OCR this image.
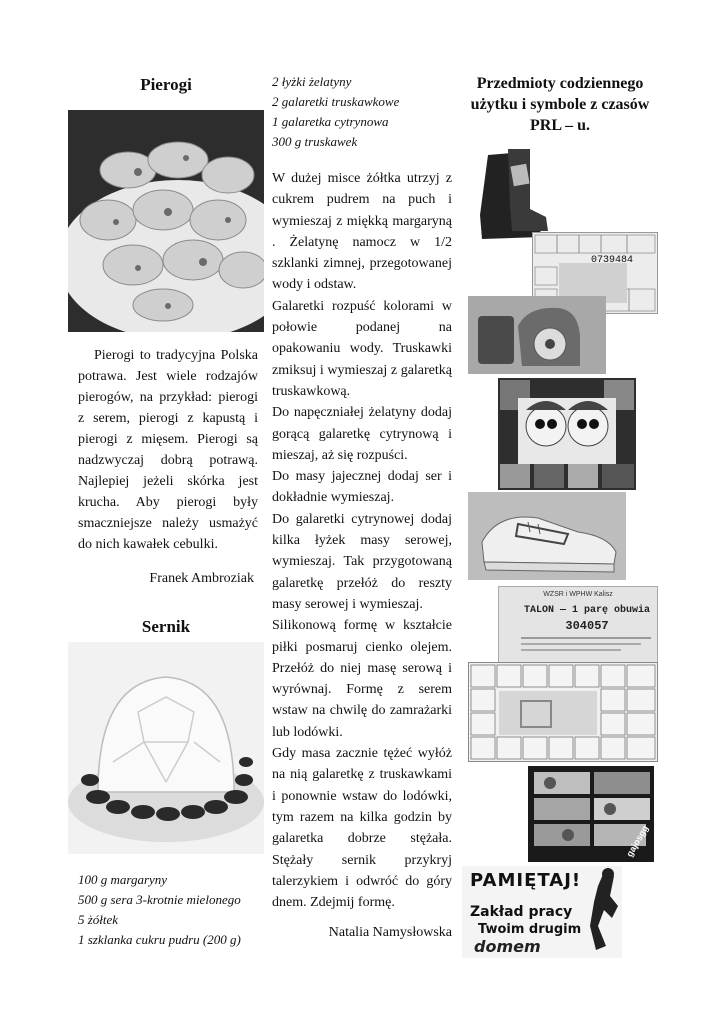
Pierogi

Pierogi to tradycyjna Polska potrawa. Jest wiele rodzajów pierogów, na przykład: pierogi z serem, pierogi z kapustą i pierogi z mięsem. Pierogi są nadzwyczaj dobrą potrawą. Najlepiej jeżeli skórka jest krucha. Aby pierogi były smaczniejsze należy usmażyć do nich kawałek cebulki.

Franek Ambroziak
Sernik
100 g margaryny
500 g sera 3-krotnie mielonego
5 żółtek
1 szklanka cukru pudru (200 g)
2 łyżki żelatyny
2 galaretki truskawkowe
1 galaretka cytrynowa
300 g truskawek
W dużej misce żółtka utrzyj z cukrem pudrem na puch i wymieszaj z miękką margaryną . Żelatynę namocz w 1/2 szklanki zimnej, przegotowanej wody i odstaw.
Galaretki rozpuść kolorami w połowie podanej na opakowaniu wody. Truskawki zmiksuj i wymieszaj z galaretką truskawkową.
Do napęczniałej żelatyny dodaj gorącą galaretkę cytrynową i mieszaj, aż się rozpuści.
Do masy jajecznej dodaj ser i dokładnie wymieszaj.
Do galaretki cytrynowej dodaj kilka łyżek masy serowej, wymieszaj. Tak przygotowaną galaretkę przełóż do reszty masy serowej i wymieszaj.
Silikonową formę w kształcie piłki posmaruj cienko olejem. Przełóż do niej masę serową i wyrównaj. Formę z serem wstaw na chwilę do zamrażarki lub lodówki.
Gdy masa zacznie tężeć wyłóż na nią galaretkę z truskawkami i ponownie wstaw do lodówki, tym razem na kilka godzin by galaretka dobrze stężała. Stężały sernik przykryj talerzykiem i odwróć do góry dnem. Zdejmij formę.
Natalia Namysłowska
Przedmioty codziennego użytku i symbole z czasów PRL – u.
0739484
WZSR i WPHW Kalisz
TALON — 1 parę obuwia
304057
gajosgg
PAMIĘTAJ!
Zakład pracy
Twoim drugim
domem
